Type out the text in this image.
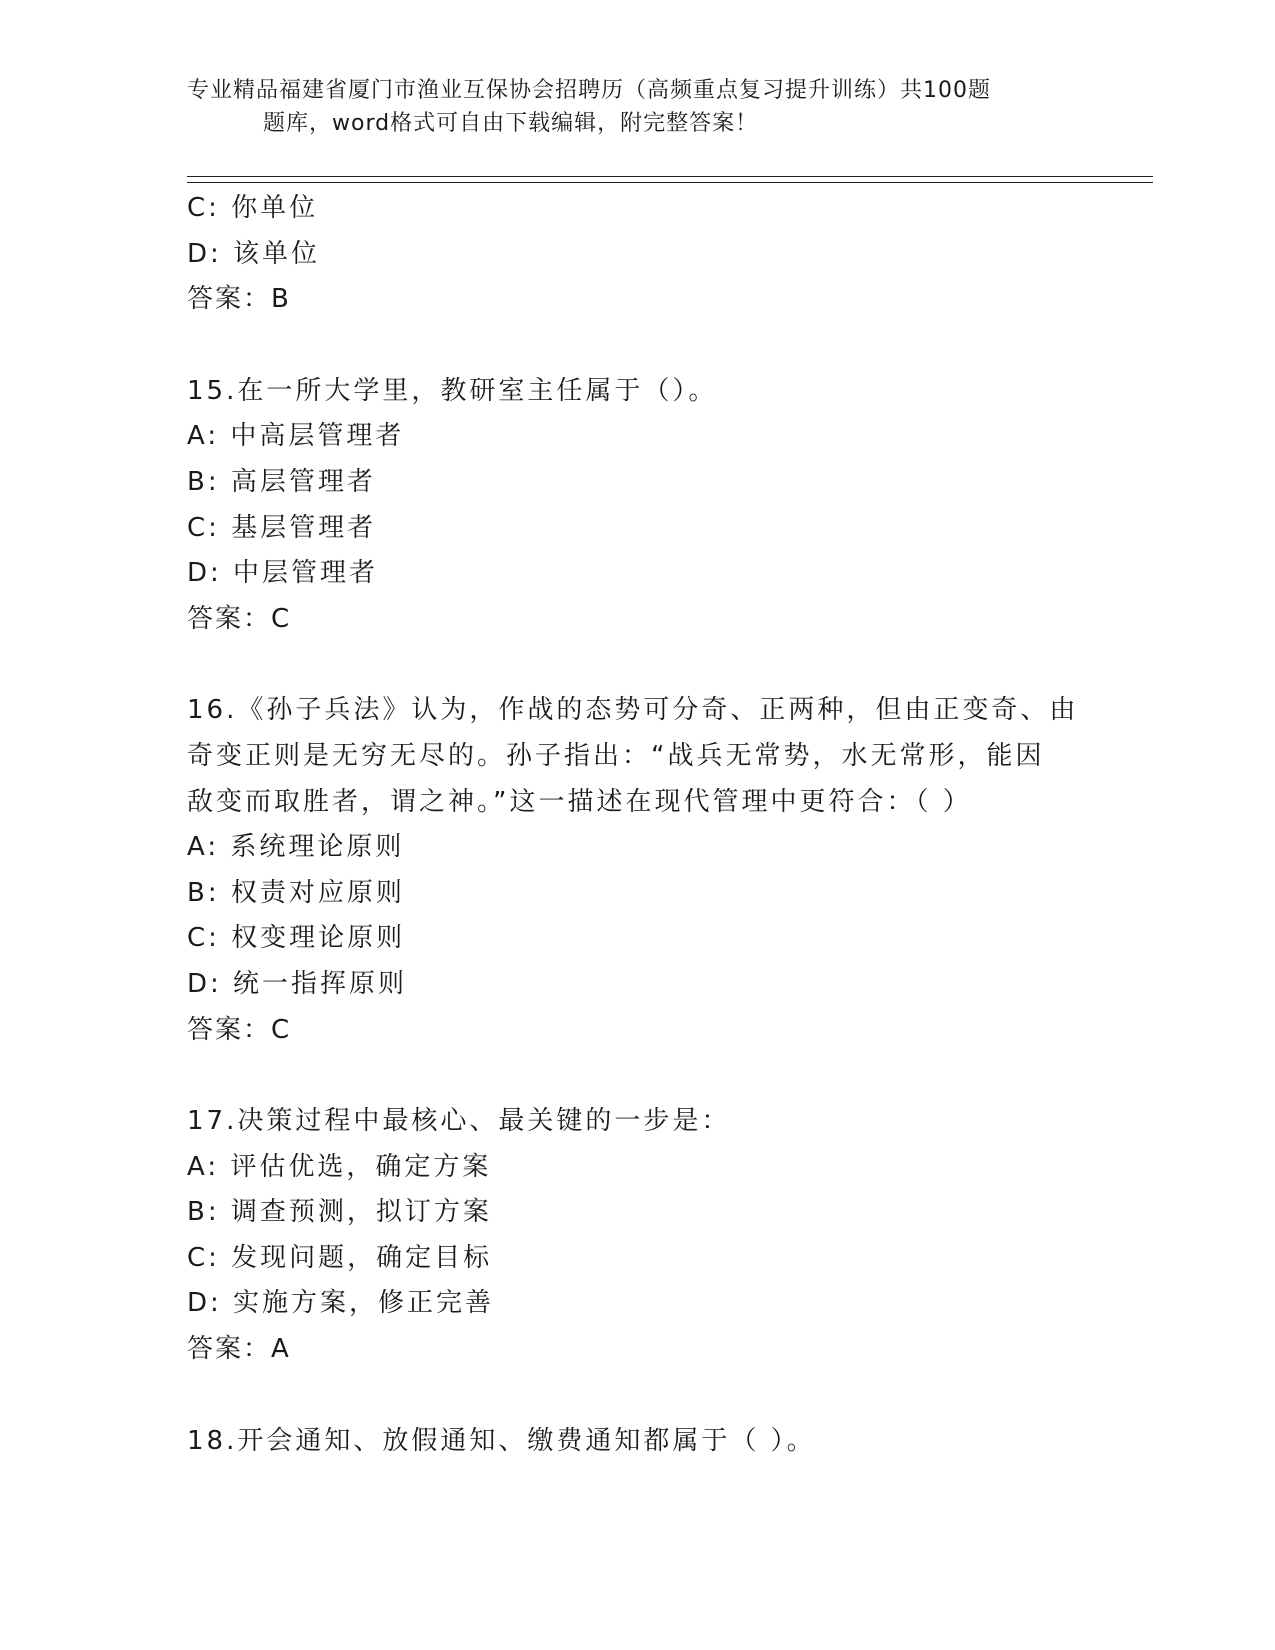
专业精品福建省厦门市渔业互保协会招聘历（高频重点复习提升训练）共100题
题库，word格式可自由下载编辑，附完整答案！
C: 你单位
D: 该单位
答案：B
15.在一所大学里，教研室主任属于（）。
A: 中高层管理者
B: 高层管理者
C: 基层管理者
D: 中层管理者
答案：C
16.《孙子兵法》认为，作战的态势可分奇、正两种，但由正变奇、由
奇变正则是无穷无尽的。孙子指出：“战兵无常势，水无常形，能因
敌变而取胜者，谓之神。”这一描述在现代管理中更符合：（ ）
A: 系统理论原则
B: 权责对应原则
C: 权变理论原则
D: 统一指挥原则
答案：C
17.决策过程中最核心、最关键的一步是：
A: 评估优选，确定方案
B: 调查预测，拟订方案
C: 发现问题，确定目标
D: 实施方案，修正完善
答案：A
18.开会通知、放假通知、缴费通知都属于（ ）。
